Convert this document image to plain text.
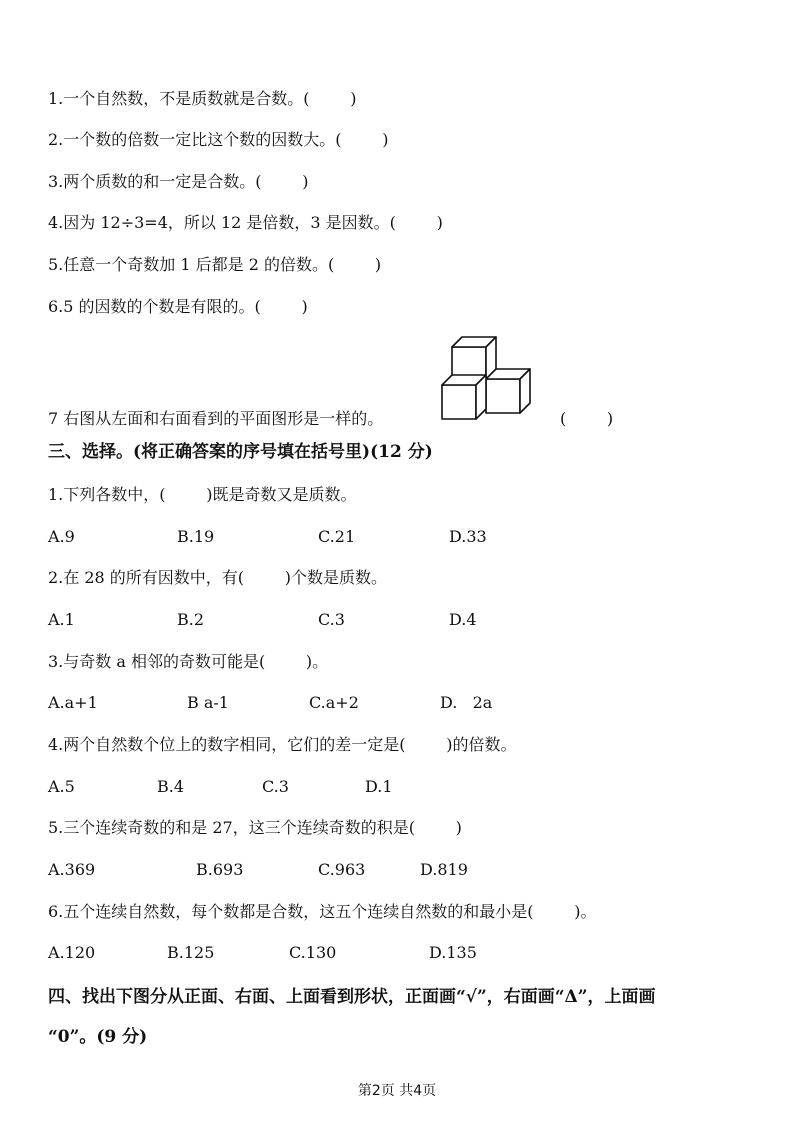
1.一个自然数，不是质数就是合数。(        )
2.一个数的倍数一定比这个数的因数大。(        )
3.两个质数的和一定是合数。(        )
4.因为 12÷3=4，所以 12 是倍数，3 是因数。(        )
5.任意一个奇数加 1 后都是 2 的倍数。(        )
6.5 的因数的个数是有限的。(        )
7 右图从左面和右面看到的平面图形是一样的。	(        )
三、选择。(将正确答案的序号填在括号里)(12 分)
1.下列各数中，(        )既是奇数又是质数。
A.9	B.19	C.21	D.33
2.在 28 的所有因数中，有(        )个数是质数。
A.1	B.2	C.3	D.4
3.与奇数 a 相邻的奇数可能是(        )。
A.a+1	B a-1	C.a+2	D.   2a
4.两个自然数个位上的数字相同，它们的差一定是(        )的倍数。
A.5	B.4	C.3	D.1
5.三个连续奇数的和是 27，这三个连续奇数的积是(        )
A.369	B.693	C.963	D.819
6.五个连续自然数，每个数都是合数，这五个连续自然数的和最小是(        )。
A.120	B.125	C.130	D.135
四、找出下图分从正面、右面、上面看到形状，正面画“√”，右面画“Δ”，上面画
“0”。(9 分)
第2页 共4页
